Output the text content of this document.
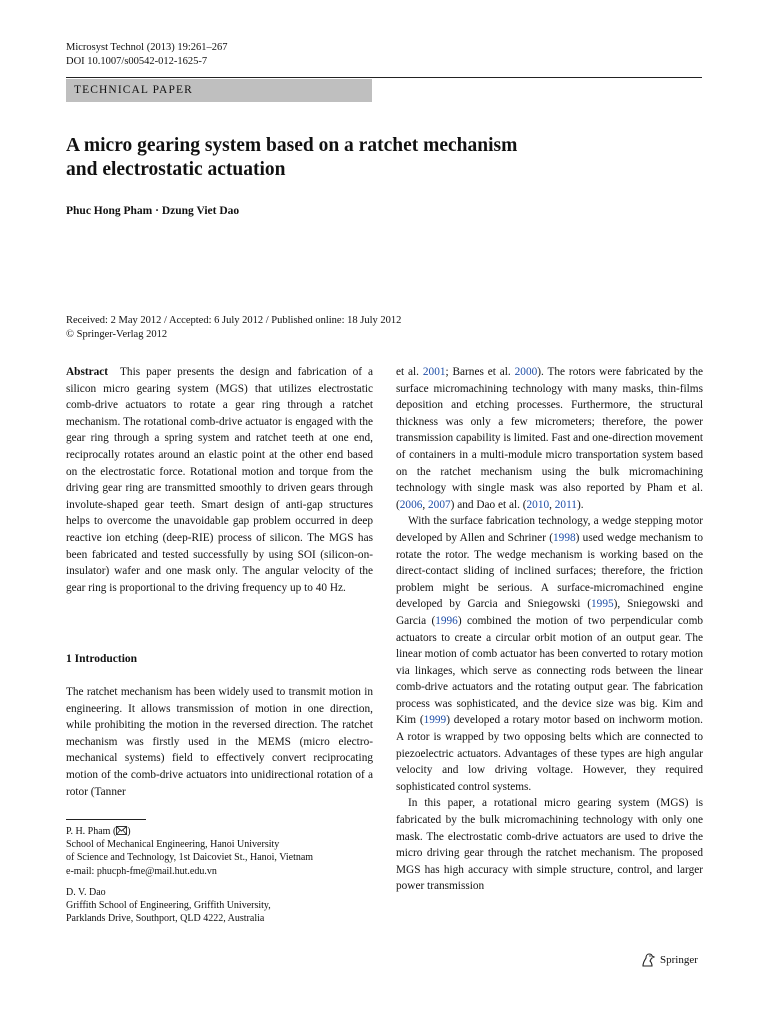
Microsyst Technol (2013) 19:261–267
DOI 10.1007/s00542-012-1625-7
TECHNICAL PAPER
A micro gearing system based on a ratchet mechanism
and electrostatic actuation
Phuc Hong Pham · Dzung Viet Dao
Received: 2 May 2012 / Accepted: 6 July 2012 / Published online: 18 July 2012
© Springer-Verlag 2012

Abstract This paper presents the design and fabrication of a silicon micro gearing system (MGS) that utilizes electrostatic comb-drive actuators to rotate a gear ring through a ratchet mechanism. The rotational comb-drive actuator is engaged with the gear ring through a spring system and ratchet teeth at one end, reciprocally rotates around an elastic point at the other end based on the electrostatic force. Rotational motion and torque from the driving gear ring are transmitted smoothly to driven gears through involute-shaped gear teeth. Smart design of anti-gap structures helps to overcome the unavoidable gap problem occurred in deep reactive ion etching (deep-RIE) process of silicon. The MGS has been fabricated and tested successfully by using SOI (silicon-on-insulator) wafer and one mask only. The angular velocity of the gear ring is proportional to the driving frequency up to 40 Hz.

1 Introduction

The ratchet mechanism has been widely used to transmit motion in engineering. It allows transmission of motion in one direction, while prohibiting the motion in the reversed direction. The ratchet mechanism was firstly used in the MEMS (micro electro-mechanical systems) field to effectively convert reciprocating motion of the comb-drive actuators into unidirectional rotation of a rotor (Tanner

P. H. Pham ( )
School of Mechanical Engineering, Hanoi University
of Science and Technology, 1st Daicoviet St., Hanoi, Vietnam
e-mail: phucph-fme@mail.hut.edu.vn
D. V. Dao
Griffith School of Engineering, Griffith University,
Parklands Drive, Southport, QLD 4222, Australia

et al. 2001; Barnes et al. 2000). The rotors were fabricated by the surface micromachining technology with many masks, thin-films deposition and etching processes. Furthermore, the structural thickness was only a few micrometers; therefore, the power transmission capability is limited. Fast and one-direction movement of containers in a multi-module micro transportation system based on the ratchet mechanism using the bulk micromachining technology with single mask was also reported by Pham et al. (2006, 2007) and Dao et al. (2010, 2011).

With the surface fabrication technology, a wedge stepping motor developed by Allen and Schriner (1998) used wedge mechanism to rotate the rotor. The wedge mechanism is working based on the direct-contact sliding of inclined surfaces; therefore, the friction problem might be serious. A surface-micromachined engine developed by Garcia and Sniegowski (1995), Sniegowski and Garcia (1996) combined the motion of two perpendicular comb actuators to create a circular orbit motion of an output gear. The linear motion of comb actuator has been converted to rotary motion via linkages, which serve as connecting rods between the linear comb-drive actuators and the rotating output gear. The fabrication process was sophisticated, and the device size was big. Kim and Kim (1999) developed a rotary motor based on inchworm motion. A rotor is wrapped by two opposing belts which are connected to piezoelectric actuators. Advantages of these types are high angular velocity and low driving voltage. However, they required sophisticated control systems.

In this paper, a rotational micro gearing system (MGS) is fabricated by the bulk micromachining technology with only one mask. The electrostatic comb-drive actuators are used to drive the micro driving gear through the ratchet mechanism. The proposed MGS has high accuracy with simple structure, control, and larger power transmission

Springer
